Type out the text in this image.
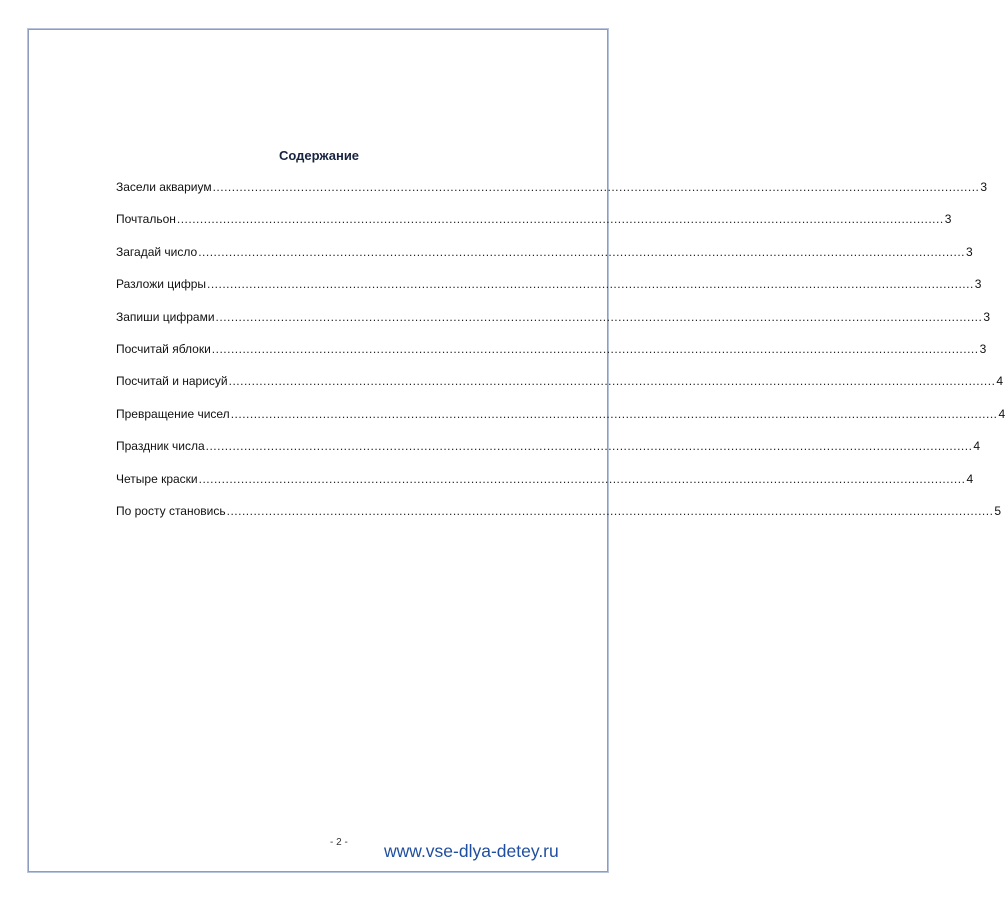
Содержание
Засели аквариум ........................................................................................................................................................................................................ 3
Почтальон ........................................................................................................................................................................................................ 3
Загадай число ........................................................................................................................................................................................................ 3
Разложи цифры ........................................................................................................................................................................................................ 3
Запиши цифрами ........................................................................................................................................................................................................ 3
Посчитай яблоки ........................................................................................................................................................................................................ 3
Посчитай и нарисуй ........................................................................................................................................................................................................ 4
Превращение чисел ........................................................................................................................................................................................................ 4
Праздник числа ........................................................................................................................................................................................................ 4
Четыре краски ........................................................................................................................................................................................................ 4
По росту становись ........................................................................................................................................................................................................ 5
- 2 - www.vse-dlya-detey.ru
